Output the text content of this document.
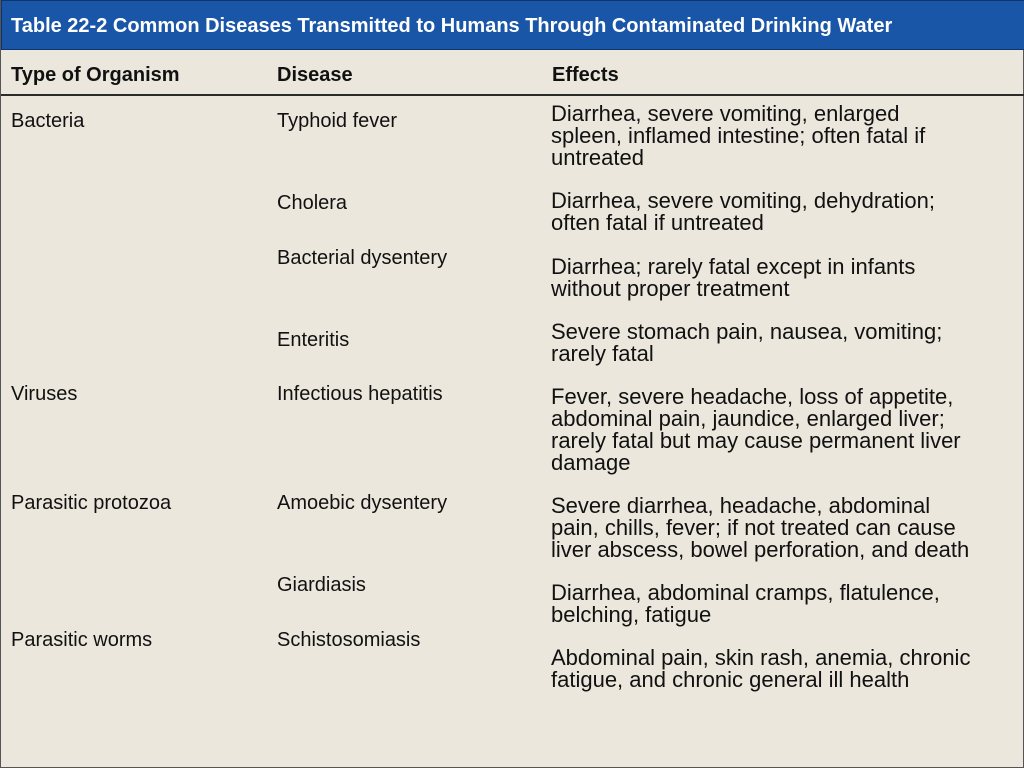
Table 22-2 Common Diseases Transmitted to Humans Through Contaminated Drinking Water
Type of Organism	Disease	Effects
Bacteria
Viruses
Parasitic protozoa
Parasitic worms
Typhoid fever
Cholera
Bacterial dysentery
Enteritis
Infectious hepatitis
Amoebic dysentery
Giardiasis
Schistosomiasis
Diarrhea, severe vomiting, enlarged
spleen, inflamed intestine; often fatal if
untreated
Diarrhea, severe vomiting, dehydration;
often fatal if untreated
Diarrhea; rarely fatal except in infants
without proper treatment
Severe stomach pain, nausea, vomiting;
rarely fatal
Fever, severe headache, loss of appetite,
abdominal pain, jaundice, enlarged liver;
rarely fatal but may cause permanent liver
damage
Severe diarrhea, headache, abdominal
pain, chills, fever; if not treated can cause
liver abscess, bowel perforation, and death
Diarrhea, abdominal cramps, flatulence,
belching, fatigue
Abdominal pain, skin rash, anemia, chronic
fatigue, and chronic general ill health
